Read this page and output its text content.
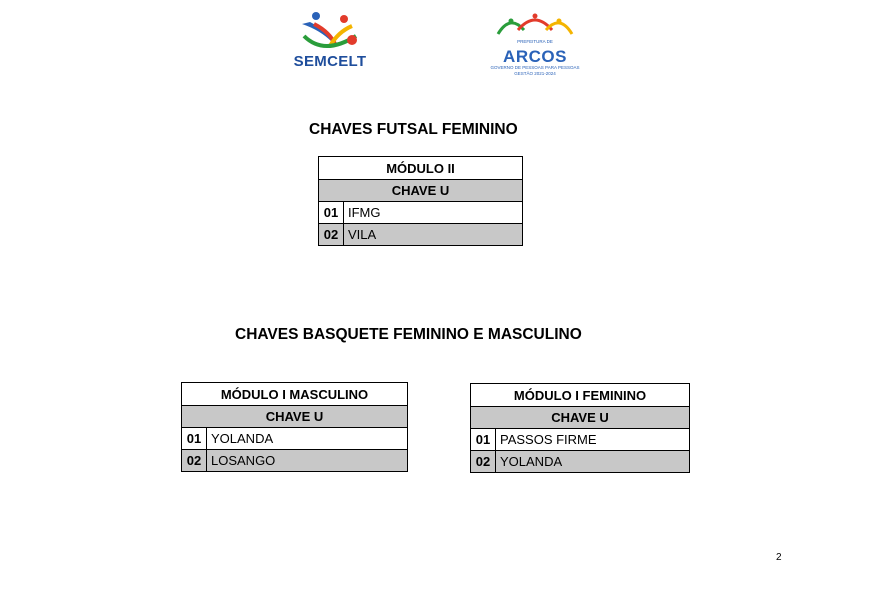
SEMCELT
PREFEITURA DE
ARCOS
GOVERNO DE PESSOAS PARA PESSOAS
GESTÃO 2021-2024
CHAVES FUTSAL FEMININO
MÓDULO II	
CHAVE U	
01	IFMG
02	VILA
CHAVES BASQUETE FEMININO E MASCULINO
MÓDULO I MASCULINO	
CHAVE U	
01	YOLANDA
02	LOSANGO
MÓDULO I FEMININO	
CHAVE U	
01	PASSOS FIRME
02	YOLANDA
2
